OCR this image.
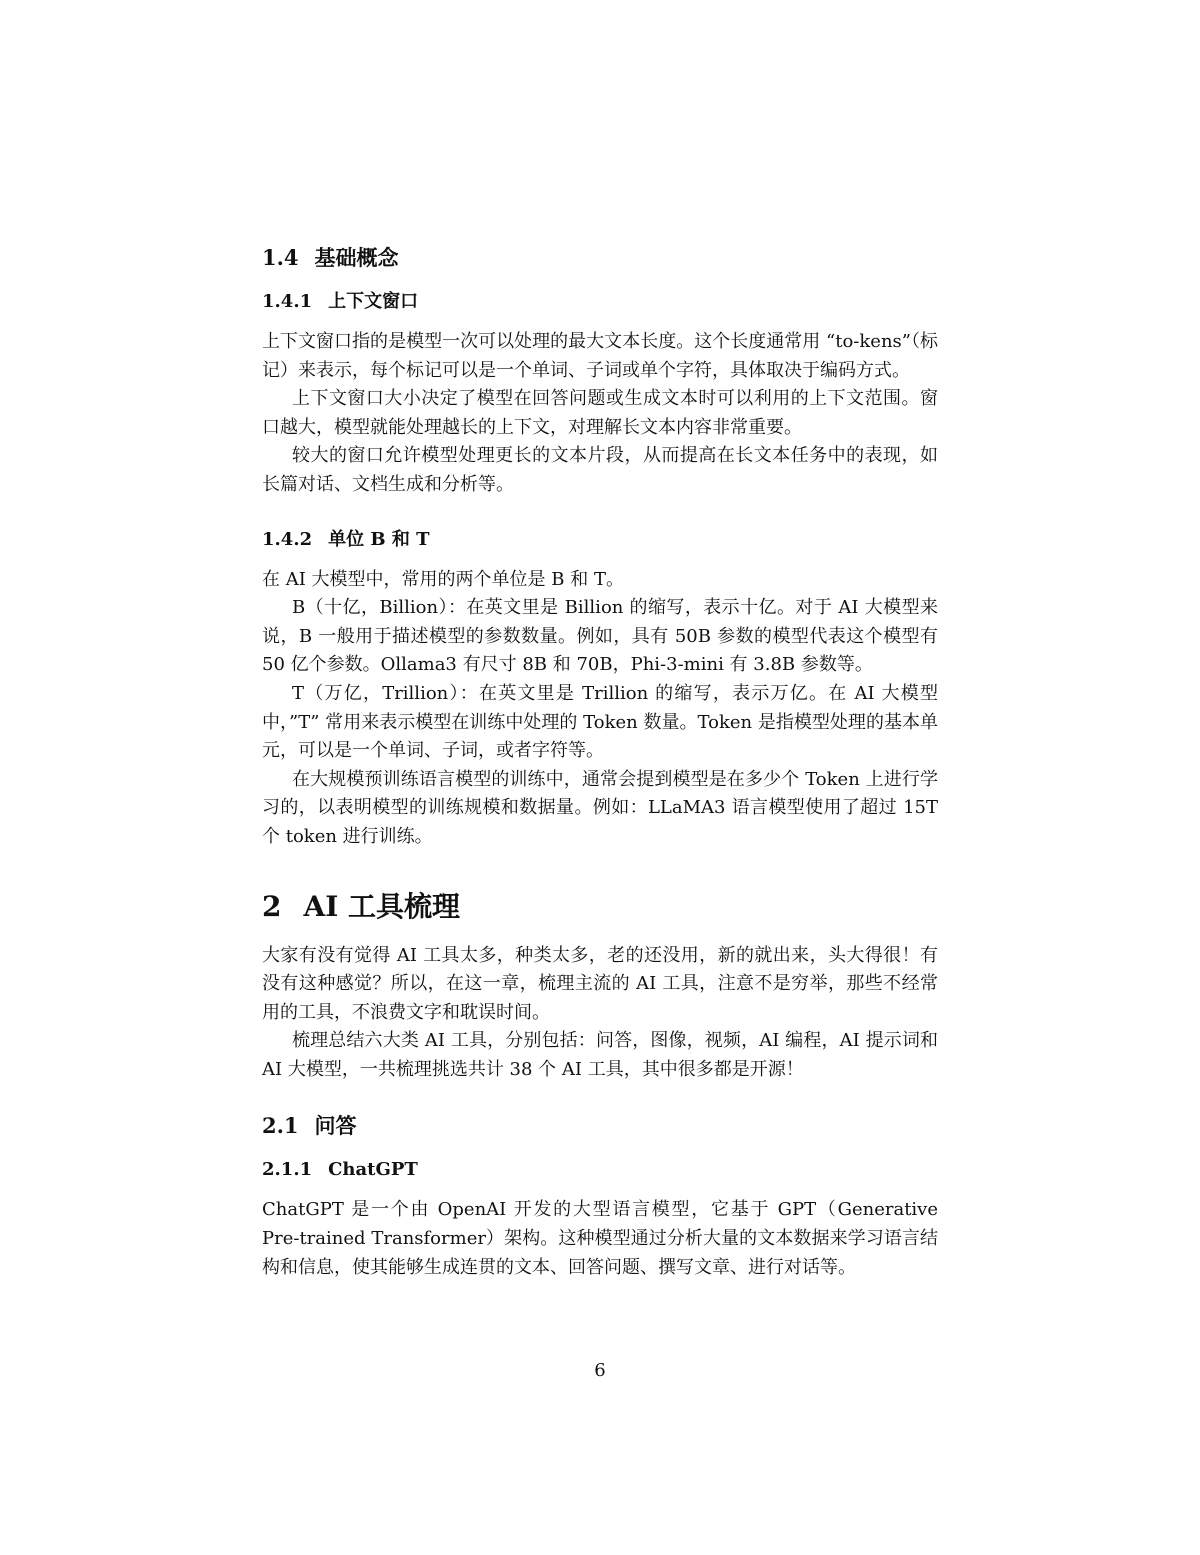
1.4 基础概念
1.4.1 上下文窗口

上下文窗口指的是模型一次可以处理的最大文本长度。这个长度通常用 “to-kens”（标记）来表示，每个标记可以是一个单词、子词或单个字符，具体取决于编码方式。

上下文窗口大小决定了模型在回答问题或生成文本时可以利用的上下文范围。窗口越大，模型就能处理越长的上下文，对理解长文本内容非常重要。

较大的窗口允许模型处理更长的文本片段，从而提高在长文本任务中的表现，如长篇对话、文档生成和分析等。

1.4.2 单位 B 和 T

在 AI 大模型中，常用的两个单位是 B 和 T。

B（十亿，Billion）：在英文里是 Billion 的缩写，表示十亿。对于 AI 大模型来说，B 一般用于描述模型的参数数量。例如，具有 50B 参数的模型代表这个模型有 50 亿个参数。Ollama3 有尺寸 8B 和 70B，Phi-3-mini 有 3.8B 参数等。

T（万亿，Trillion）：在英文里是 Trillion 的缩写，表示万亿。在 AI 大模型中，”T” 常用来表示模型在训练中处理的 Token 数量。Token 是指模型处理的基本单元，可以是一个单词、子词，或者字符等。

在大规模预训练语言模型的训练中，通常会提到模型是在多少个 Token 上进行学习的，以表明模型的训练规模和数据量。例如：LLaMA3 语言模型使用了超过 15T 个 token 进行训练。

2 AI 工具梳理

大家有没有觉得 AI 工具太多，种类太多，老的还没用，新的就出来，头大得很！有没有这种感觉？所以，在这一章，梳理主流的 AI 工具，注意不是穷举，那些不经常用的工具，不浪费文字和耽误时间。

梳理总结六大类 AI 工具，分别包括：问答，图像，视频，AI 编程，AI 提示词和 AI 大模型，一共梳理挑选共计 38 个 AI 工具，其中很多都是开源！

2.1 问答
2.1.1 ChatGPT

ChatGPT 是一个由 OpenAI 开发的大型语言模型，它基于 GPT（Generative Pre-trained Transformer）架构。这种模型通过分析大量的文本数据来学习语言结构和信息，使其能够生成连贯的文本、回答问题、撰写文章、进行对话等。

6
